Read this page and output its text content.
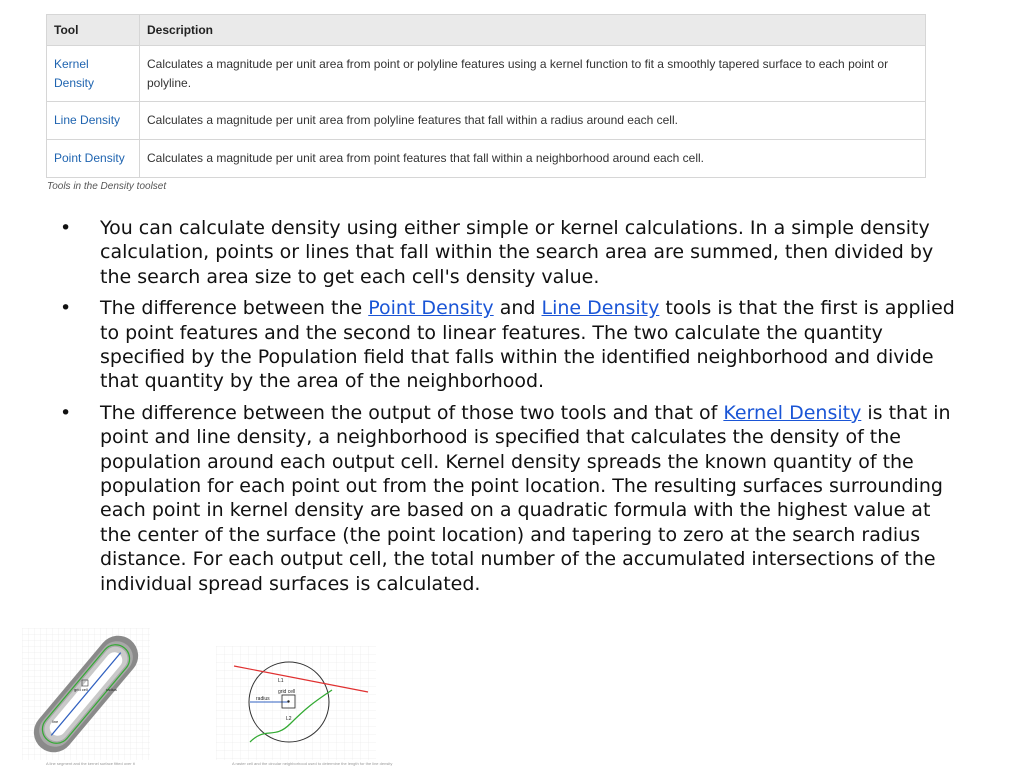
Tool	Description
Kernel Density	Calculates a magnitude per unit area from point or polyline features using a kernel function to fit a smoothly tapered surface to each point or polyline.
Line Density	Calculates a magnitude per unit area from polyline features that fall within a radius around each cell.
Point Density	Calculates a magnitude per unit area from point features that fall within a neighborhood around each cell.
Tools in the Density toolset
• You can calculate density using either simple or kernel calculations. In a simple density calculation, points or lines that fall within the search area are summed, then divided by the search area size to get each cell's density value.
• The difference between the Point Density and Line Density tools is that the first is applied to point features and the second to linear features. The two calculate the quantity specified by the Population field that falls within the identified neighborhood and divide that quantity by the area of the neighborhood.
• The difference between the output of those two tools and that of Kernel Density is that in point and line density, a neighborhood is specified that calculates the density of the population around each output cell. Kernel density spreads the known quantity of the population for each point out from the point location. The resulting surfaces surrounding each point in kernel density are based on a quadratic formula with the highest value at the center of the surface (the point location) and tapering to zero at the search radius distance. For each output cell, the total number of the accumulated intersections of the individual spread surfaces is calculated.
grid cell	radius
line
A line segment and the kernel surface fitted over it
L1
grid cell
radius
L2
A raster cell and the circular neighborhood used to determine the length for the line density
